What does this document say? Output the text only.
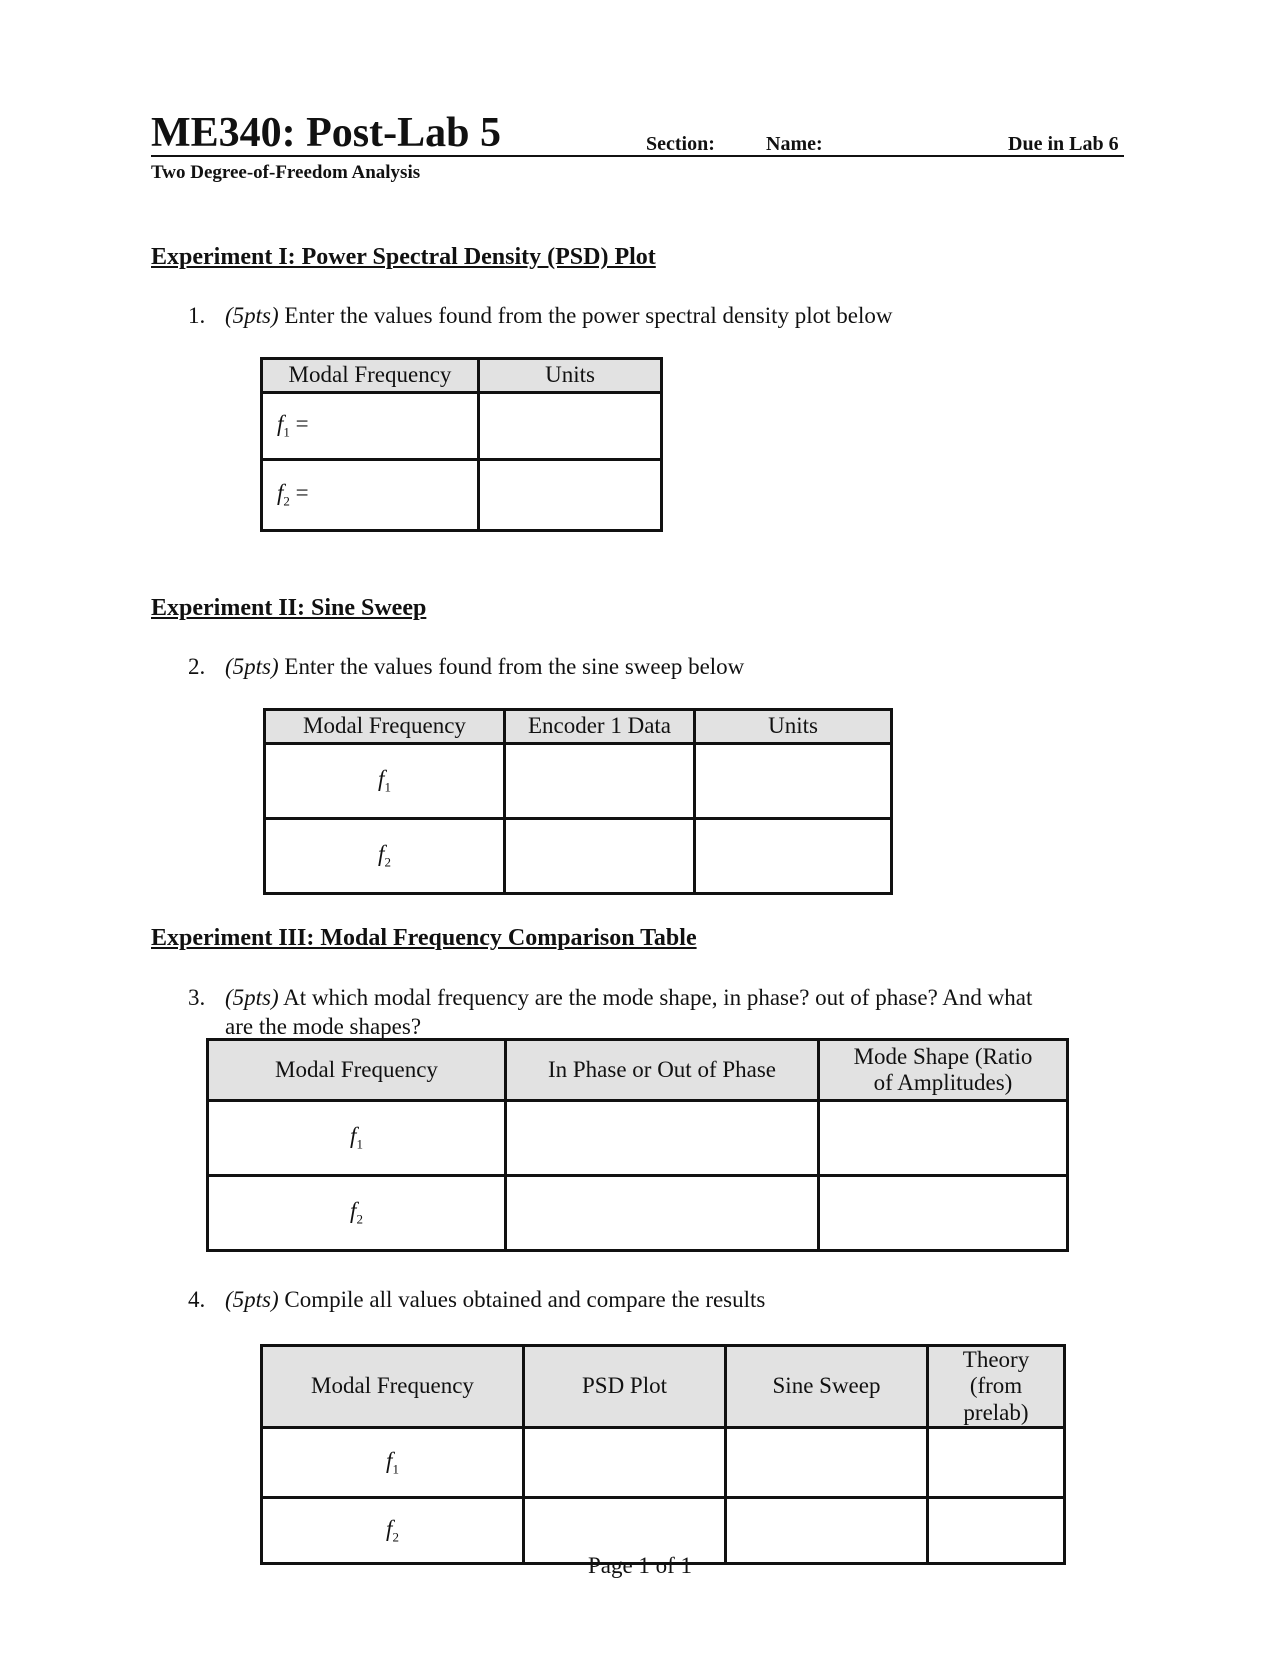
ME340: Post-Lab 5	Section:	Name:	Due in Lab 6
Two Degree-of-Freedom Analysis
Experiment I: Power Spectral Density (PSD) Plot
1. (5pts) Enter the values found from the power spectral density plot below
Modal Frequency	Units
$f_1$ =	
$f_2$ =	
Experiment II: Sine Sweep
2. (5pts) Enter the values found from the sine sweep below
Modal Frequency	Encoder 1 Data	Units
$f_1$		
$f_2$		
Experiment III: Modal Frequency Comparison Table
3. (5pts) At which modal frequency are the mode shape, in phase? out of phase? And what
are the mode shapes?
Modal Frequency	In Phase or Out of Phase	Mode Shape (Ratio of Amplitudes)
$f_1$		
$f_2$		
4. (5pts) Compile all values obtained and compare the results
Modal Frequency	PSD Plot	Sine Sweep	Theory (from prelab)
$f_1$			
$f_2$			
Page 1 of 1
